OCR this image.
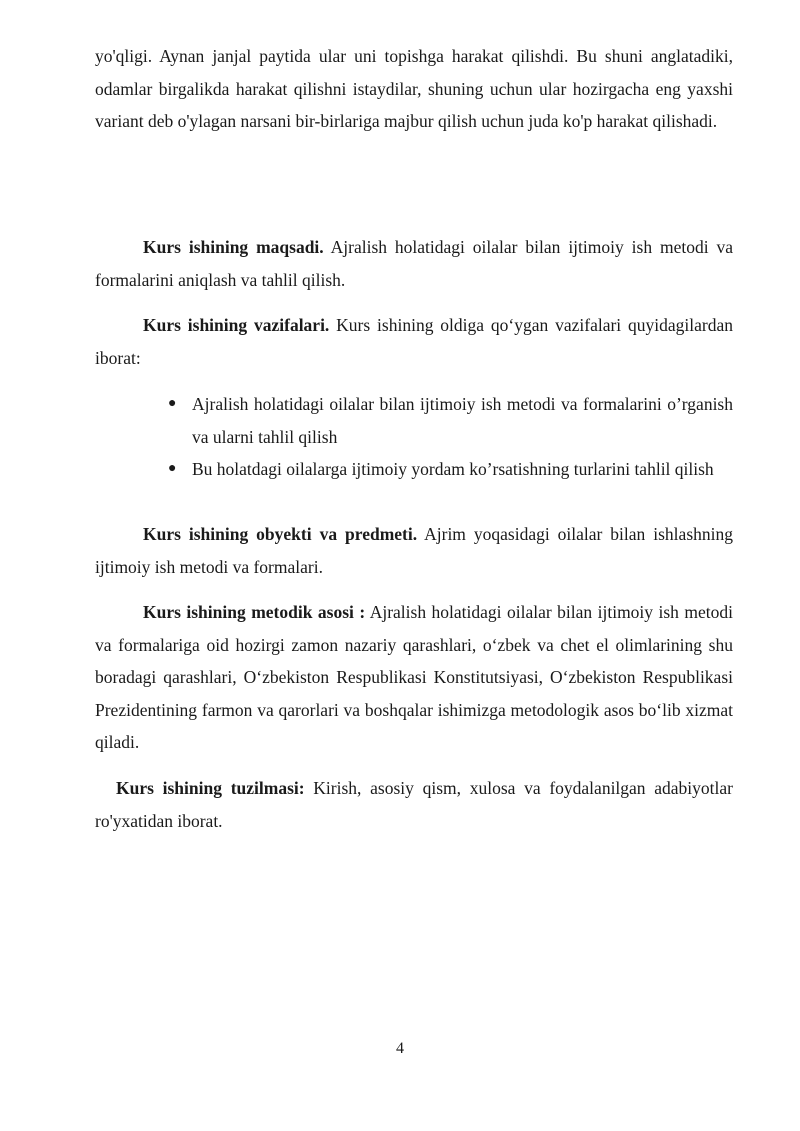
yo'qligi. Aynan janjal paytida ular uni topishga harakat qilishdi. Bu shuni anglatadiki, odamlar birgalikda harakat qilishni istaydilar, shuning uchun ular hozirgacha eng yaxshi variant deb o'ylagan narsani bir-birlariga majbur qilish uchun juda ko'p harakat qilishadi.

Kurs ishining maqsadi. Ajralish holatidagi oilalar bilan ijtimoiy ish metodi va formalarini aniqlash va tahlil qilish.

Kurs ishining vazifalari. Kurs ishining oldiga qo‘ygan vazifalari quyidagilardan iborat:

● Ajralish holatidagi oilalar bilan ijtimoiy ish metodi va formalarini o’rganish va ularni tahlil qilish
● Bu holatdagi oilalarga ijtimoiy yordam ko’rsatishning turlarini tahlil qilish

Kurs ishining obyekti va predmeti. Ajrim yoqasidagi oilalar bilan ishlashning ijtimoiy ish metodi va formalari.

Kurs ishining metodik asosi : Ajralish holatidagi oilalar bilan ijtimoiy ish metodi va formalariga oid hozirgi zamon nazariy qarashlari, o‘zbek va chet el olimlarining shu boradagi qarashlari, O‘zbekiston Respublikasi Konstitutsiyasi, O‘zbekiston Respublikasi Prezidentining farmon va qarorlari va boshqalar ishimizga metodologik asos bo‘lib xizmat qiladi.

Kurs ishining tuzilmasi: Kirish, asosiy qism, xulosa va foydalanilgan adabiyotlar ro'yxatidan iborat.

4
